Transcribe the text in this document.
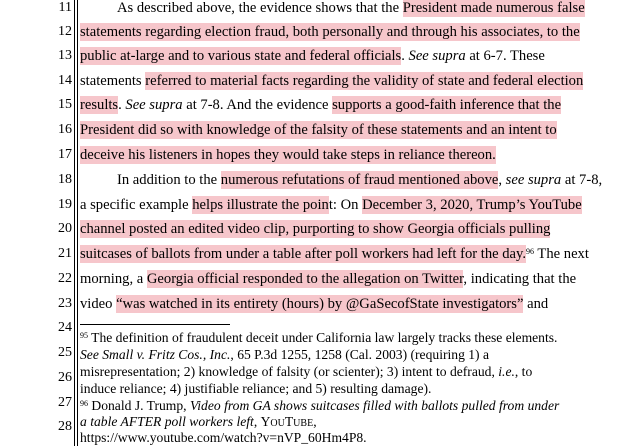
11
12
13
14
15
16
17
18
19
20
21
22
23
24
25
26
27
28
As described above, the evidence shows that the President made numerous false
statements regarding election fraud, both personally and through his associates, to the
public at-large and to various state and federal officials. See supra at 6-7. These
statements referred to material facts regarding the validity of state and federal election
results. See supra at 7-8. And the evidence supports a good-faith inference that the
President did so with knowledge of the falsity of these statements and an intent to
deceive his listeners in hopes they would take steps in reliance thereon.
In addition to the numerous refutations of fraud mentioned above, see supra at 7-8,
a specific example helps illustrate the point: On December 3, 2020, Trump’s YouTube
channel posted an edited video clip, purporting to show Georgia officials pulling
suitcases of ballots from under a table after poll workers had left for the day.$^{96}$ The next
morning, a Georgia official responded to the allegation on Twitter, indicating that the
video “was watched in its entirety (hours) by @GaSecofState investigators” and
$^{95}$ The definition of fraudulent deceit under California law largely tracks these elements.
See Small v. Fritz Cos., Inc., 65 P.3d 1255, 1258 (Cal. 2003) (requiring 1) a
misrepresentation; 2) knowledge of falsity (or scienter); 3) intent to defraud, i.e., to
induce reliance; 4) justifiable reliance; and 5) resulting damage).
$^{96}$ Donald J. Trump, Video from GA shows suitcases filled with ballots pulled from under
a table AFTER poll workers left, YouTube,
https://www.youtube.com/watch?v=nVP_60Hm4P8.
